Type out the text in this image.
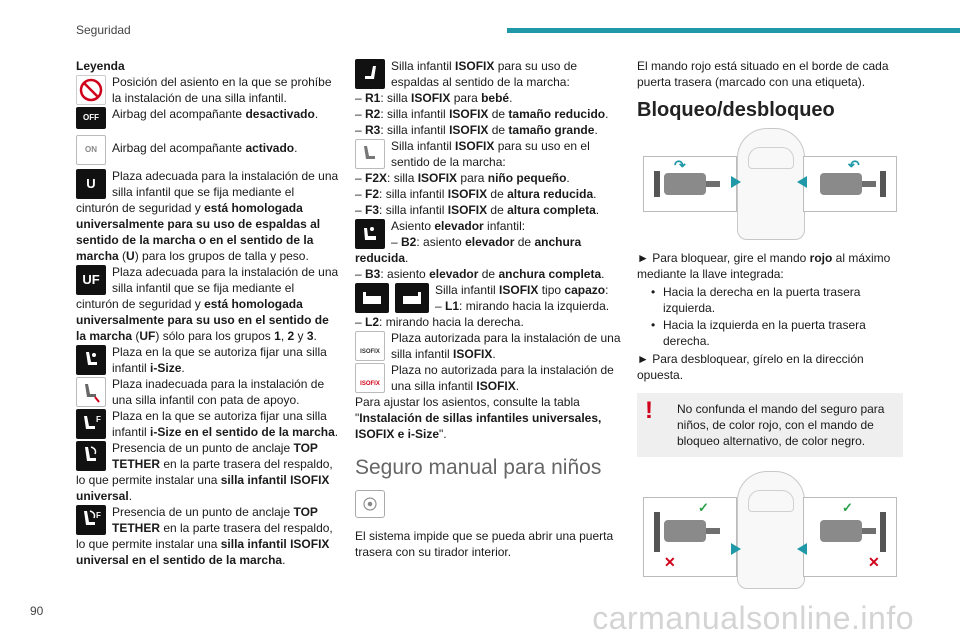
Seguridad

Leyenda

Posición del asiento en la que se prohíbe la instalación de una silla infantil.

OFF	Airbag del acompañante desactivado.

ON	Airbag del acompañante activado.

U	Plaza adecuada para la instalación de una silla infantil que se fija mediante el cinturón de seguridad y está homologada universalmente para su uso de espaldas al sentido de la marcha o en el sentido de la marcha (U) para los grupos de talla y peso.

UF	Plaza adecuada para la instalación de una silla infantil que se fija mediante el cinturón de seguridad y está homologada universalmente para su uso en el sentido de la marcha (UF) sólo para los grupos 1, 2 y 3.

Plaza en la que se autoriza fijar una silla infantil i-Size.

Plaza inadecuada para la instalación de una silla infantil con pata de apoyo.

F Plaza en la que se autoriza fijar una silla infantil i-Size en el sentido de la marcha.

Presencia de un punto de anclaje TOP TETHER en la parte trasera del respaldo, lo que permite instalar una silla infantil ISOFIX universal.

F Presencia de un punto de anclaje TOP TETHER en la parte trasera del respaldo, lo que permite instalar una silla infantil ISOFIX universal en el sentido de la marcha.

Silla infantil ISOFIX para su uso de espaldas al sentido de la marcha:

– R1: silla ISOFIX para bebé.

– R2: silla infantil ISOFIX de tamaño reducido.

– R3: silla infantil ISOFIX de tamaño grande.

Silla infantil ISOFIX para su uso en el sentido de la marcha:

– F2X: silla ISOFIX para niño pequeño.

– F2: silla infantil ISOFIX de altura reducida.

– F3: silla infantil ISOFIX de altura completa.

Asiento elevador infantil:

– B2: asiento elevador de anchura reducida.

– B3: asiento elevador de anchura completa.

Silla infantil ISOFIX tipo capazo:

– L1: mirando hacia la izquierda.

– L2: mirando hacia la derecha.

ISOFIX

Plaza autorizada para la instalación de una silla infantil ISOFIX.

ISOFIX

Plaza no autorizada para la instalación de una silla infantil ISOFIX.

Para ajustar los asientos, consulte la tabla "Instalación de sillas infantiles universales, ISOFIX e i-Size".

Seguro manual para niños

El sistema impide que se pueda abrir una puerta trasera con su tirador interior.

El mando rojo está situado en el borde de cada puerta trasera (marcado con una etiqueta).

Bloqueo/desbloqueo
↷	↶

► Para bloquear, gire el mando rojo al máximo mediante la llave integrada:

• Hacia la derecha en la puerta trasera izquierda.
• Hacia la izquierda en la puerta trasera derecha.

► Para desbloquear, gírelo en la dirección opuesta.

!	No confunda el mando del seguro para niños, de color rojo, con el mando de bloqueo alternativo, de color negro.

✓
✕
✓
✕
90	carmanualsonline.info
